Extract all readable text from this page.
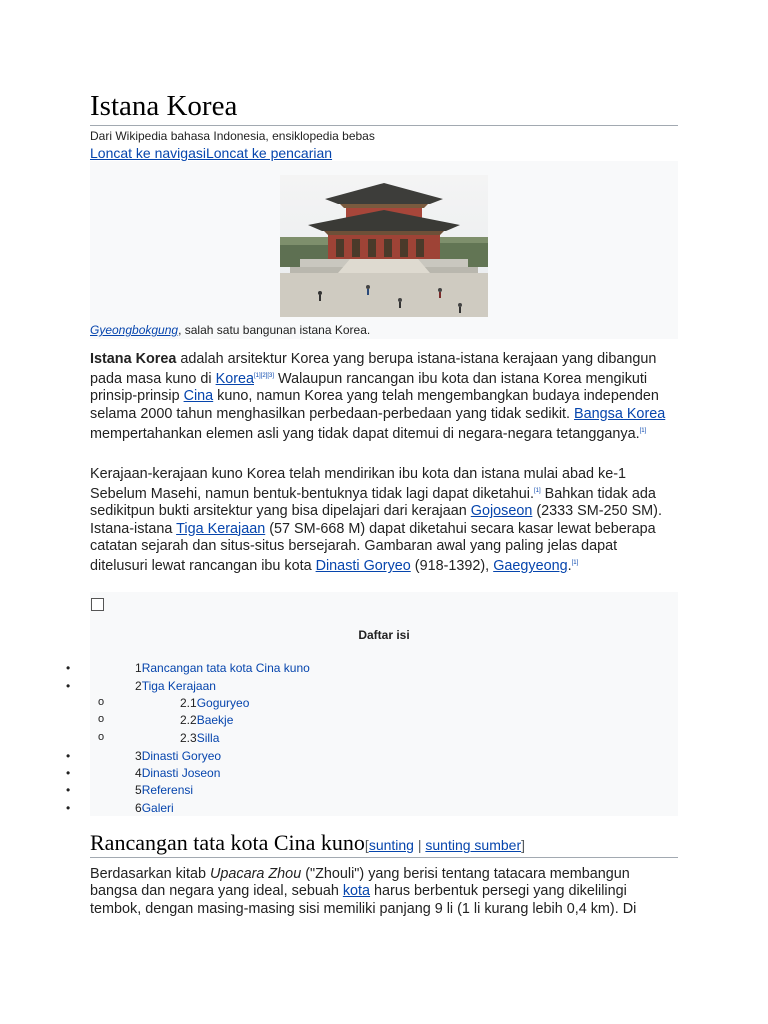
Istana Korea
Dari Wikipedia bahasa Indonesia, ensiklopedia bebas
Loncat ke navigasiLoncat ke pencarian
Gyeongbokgung, salah satu bangunan istana Korea.

Istana Korea adalah arsitektur Korea yang berupa istana-istana kerajaan yang dibangun pada masa kuno di Korea[1][2][3] Walaupun rancangan ibu kota dan istana Korea mengikuti prinsip-prinsip Cina kuno, namun Korea yang telah mengembangkan budaya independen selama 2000 tahun menghasilkan perbedaan-perbedaan yang tidak sedikit. Bangsa Korea mempertahankan elemen asli yang tidak dapat ditemui di negara-negara tetangganya.[1]

Kerajaan-kerajaan kuno Korea telah mendirikan ibu kota dan istana mulai abad ke-1 Sebelum Masehi, namun bentuk-bentuknya tidak lagi dapat diketahui.[1] Bahkan tidak ada sedikitpun bukti arsitektur yang bisa dipelajari dari kerajaan Gojoseon (2333 SM-250 SM). Istana-istana Tiga Kerajaan (57 SM-668 M) dapat diketahui secara kasar lewat beberapa catatan sejarah dan situs-situs bersejarah. Gambaran awal yang paling jelas dapat ditelusuri lewat rancangan ibu kota Dinasti Goryeo (918-1392), Gaegyeong.[1]

Daftar isi
•	1Rancangan tata kota Cina kuno
•	2Tiga Kerajaan
o	2.1Goguryeo
o	2.2Baekje
o	2.3Silla
•	3Dinasti Goryeo
•	4Dinasti Joseon
•	5Referensi
•	6Galeri
Rancangan tata kota Cina kuno[sunting | sunting sumber]

Berdasarkan kitab Upacara Zhou ("Zhouli") yang berisi tentang tatacara membangun bangsa dan negara yang ideal, sebuah kota harus berbentuk persegi yang dikelilingi tembok, dengan masing-masing sisi memiliki panjang 9 li (1 li kurang lebih 0,4 km). Di
